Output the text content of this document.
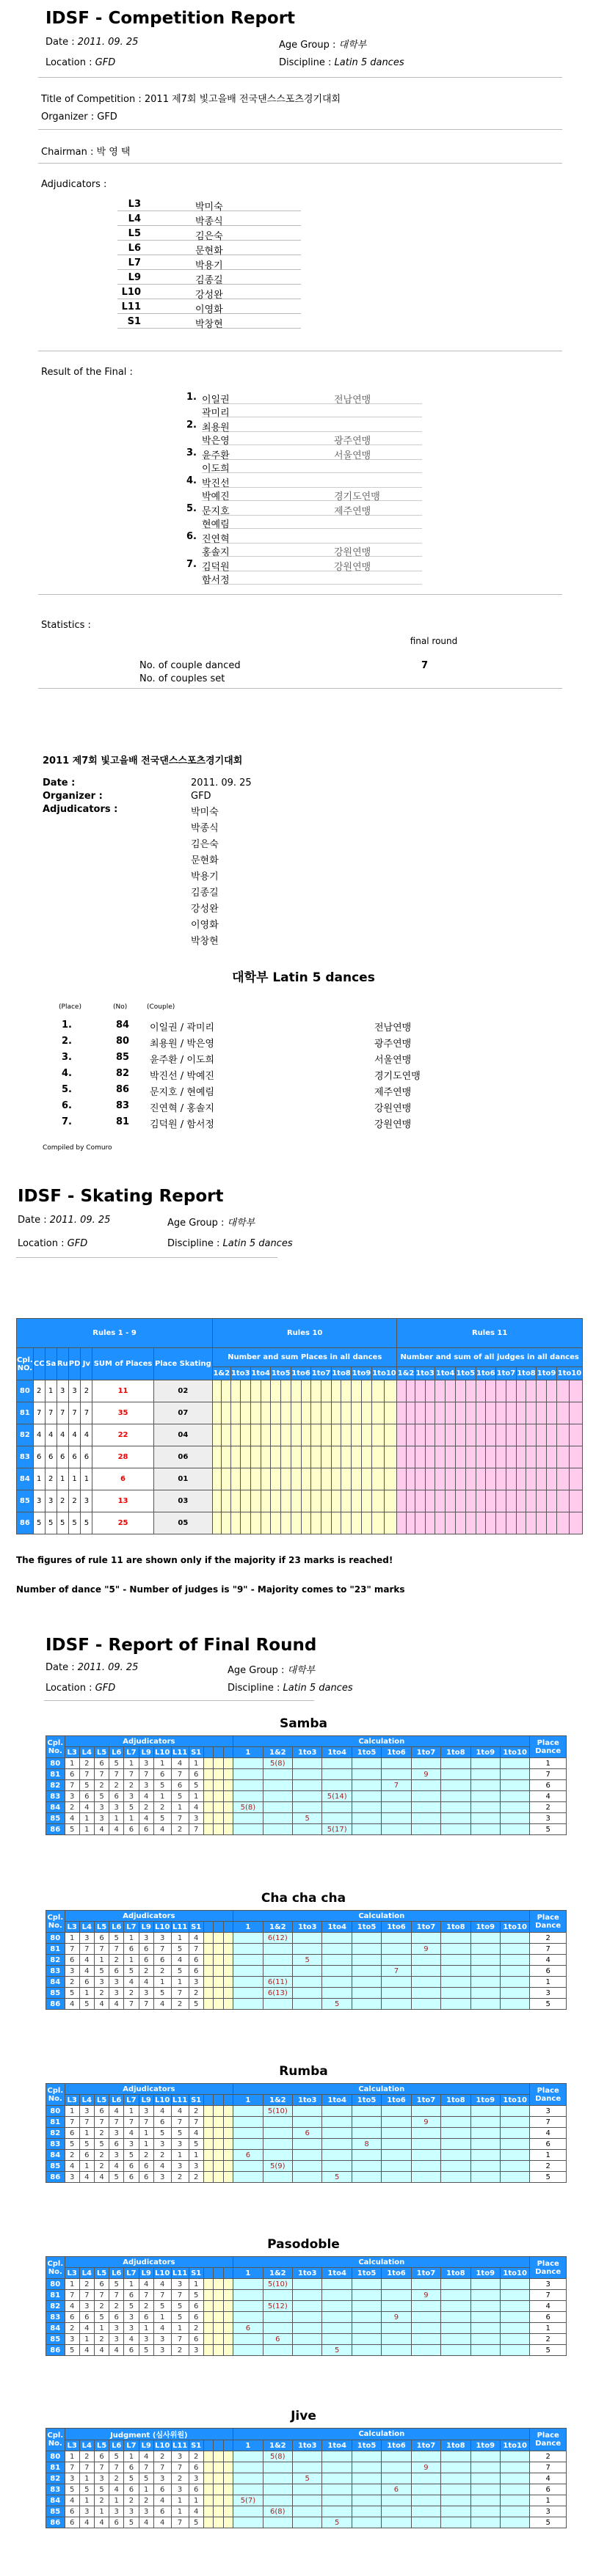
IDSF - Competition Report
Date : 2011. 09. 25	Age Group : 대학부
Location : GFD	Discipline : Latin 5 dances
Title of Competition : 2011 제7회 빛고을배 전국댄스스포츠경기대회
Organizer : GFD
Chairman : 박 영 택
Adjudicators :
L3	박미숙
L4	박종식
L5	김은숙
L6	문현화
L7	박용기
L9	김종길
L10	강성완
L11	이영화
S1	박창현
Result of the Final :
1. 이일권	전남연맹
곽미리
2. 최용원
박은영	광주연맹
3. 윤주환	서울연맹
이도희
4. 박진선
박예진	경기도연맹
5. 문지호	제주연맹
현예림
6. 진연혁
홍솔지	강원연맹
7. 김덕원	강원연맹
함서정
Statistics :
final round
No. of couple danced	7
No. of couples set
2011 제7회 빛고을배 전국댄스스포츠경기대회
Date :	2011. 09. 25
Organizer :	GFD
Adjudicators :	박미숙
박종식
김은숙
문현화
박용기
김종길
강성완
이영화
박창현
대학부 Latin 5 dances
(Place)	(No)	(Couple)
1.	84 이일권 / 곽미리	전남연맹
2.	80 최용원 / 박은영	광주연맹
3.	85 윤주환 / 이도희	서울연맹
4.	82 박진선 / 박예진	경기도연맹
5.	86 문지호 / 현예림	제주연맹
6.	83 진연혁 / 홍솔지	강원연맹
7.	81 김덕원 / 함서정	강원연맹
Compiled by Comuro
IDSF - Skating Report
Date : 2011. 09. 25	Age Group : 대학부
Location : GFD	Discipline : Latin 5 dances
Rules 1 - 9								Rules 10																		Rules 11																	
Cpl. NO.	CC	Sa	Ru	PD	Jv	SUM of Places	Place Skating	Number and sum Places in all dances																		Number and sum of all judges in all dances																	
								1&2		1to3		1to4		1to5		1to6		1to7		1to8		1to9		1to10		1&2		1to3		1to4		1to5		1to6		1to7		1to8		1to9		1to10	
80	2	1	3	3	2	11	02																																				
81	7	7	7	7	7	35	07																																				
82	4	4	4	4	4	22	04																																				
83	6	6	6	6	6	28	06																																				
84	1	2	1	1	1	6	01																																				
85	3	3	2	2	3	13	03																																				
86	5	5	5	5	5	25	05																																				
The figures of rule 11 are shown only if the majority if 23 marks is reached!
Number of dance "5" - Number of judges is "9" - Majority comes to "23" marks
IDSF - Report of Final Round
Date : 2011. 09. 25	Age Group : 대학부
Location : GFD	Discipline : Latin 5 dances
Samba
Cpl. No.	Adjudicators												Calculation										Place Dance
	L3	L4	L5	L6	L7	L9	L10	L11	S1				1	1&2	1to3	1to4	1to5	1to6	1to7	1to8	1to9	1to10	
80	1	2	6	5	1	3	1	4	1					5(8)									1
81	6	7	7	7	7	7	6	7	6										9				7
82	7	5	2	2	2	3	5	6	5									7					6
83	3	6	5	6	3	4	1	5	1							5(14)							4
84	2	4	3	3	5	2	2	1	4				5(8)										2
85	4	1	3	1	1	4	5	7	3						5								3
86	5	1	4	4	6	6	4	2	7							5(17)							5
Cha cha cha
Cpl. No.	Adjudicators												Calculation										Place Dance
	L3	L4	L5	L6	L7	L9	L10	L11	S1				1	1&2	1to3	1to4	1to5	1to6	1to7	1to8	1to9	1to10	
80	1	3	6	5	1	3	3	1	4					6(12)									2
81	7	7	7	7	6	6	7	5	7										9				7
82	6	4	1	2	1	6	6	4	6						5								4
83	3	4	5	6	5	2	2	5	6									7					6
84	2	6	3	3	4	4	1	1	3					6(11)									1
85	5	1	2	3	2	3	5	7	2					6(13)									3
86	4	5	4	4	7	7	4	2	5							5							5
Rumba
Cpl. No.	Adjudicators												Calculation										Place Dance
	L3	L4	L5	L6	L7	L9	L10	L11	S1				1	1&2	1to3	1to4	1to5	1to6	1to7	1to8	1to9	1to10	
80	1	3	6	4	1	3	4	4	2					5(10)									3
81	7	7	7	7	7	7	6	7	7										9				7
82	6	1	2	3	4	1	5	5	4						6								4
83	5	5	5	6	3	1	3	3	5								8						6
84	2	6	2	3	5	2	2	1	1				6										1
85	4	1	2	4	6	6	4	3	3					5(9)									2
86	3	4	4	5	6	6	3	2	2							5							5
Pasodoble
Cpl. No.	Adjudicators												Calculation										Place Dance
	L3	L4	L5	L6	L7	L9	L10	L11	S1				1	1&2	1to3	1to4	1to5	1to6	1to7	1to8	1to9	1to10	
80	1	2	6	5	1	4	4	3	1					5(10)									3
81	7	7	7	7	6	7	7	7	5										9				7
82	4	3	2	2	5	2	5	5	6					5(12)									4
83	6	6	5	6	3	6	1	5	6									9					6
84	2	4	1	3	3	1	4	1	2				6										1
85	3	1	2	3	4	3	3	7	6					6									2
86	5	4	4	4	6	5	3	2	3							5							5
Jive
Cpl. No.	Judgment (심사위원)												Calculation										Place Dance
	L3	L4	L5	L6	L7	L9	L10	L11	S1				1	1&2	1to3	1to4	1to5	1to6	1to7	1to8	1to9	1to10	
80	1	2	6	5	1	4	2	3	2					5(8)									2
81	7	7	7	7	6	7	7	7	6										9				7
82	3	1	3	2	5	5	3	2	3						5								4
83	5	5	5	4	6	1	6	3	6									6					6
84	4	1	2	1	2	2	4	1	1				5(7)										1
85	6	3	1	3	3	3	6	1	4					6(8)									3
86	6	4	4	6	5	4	4	7	5							5							5
